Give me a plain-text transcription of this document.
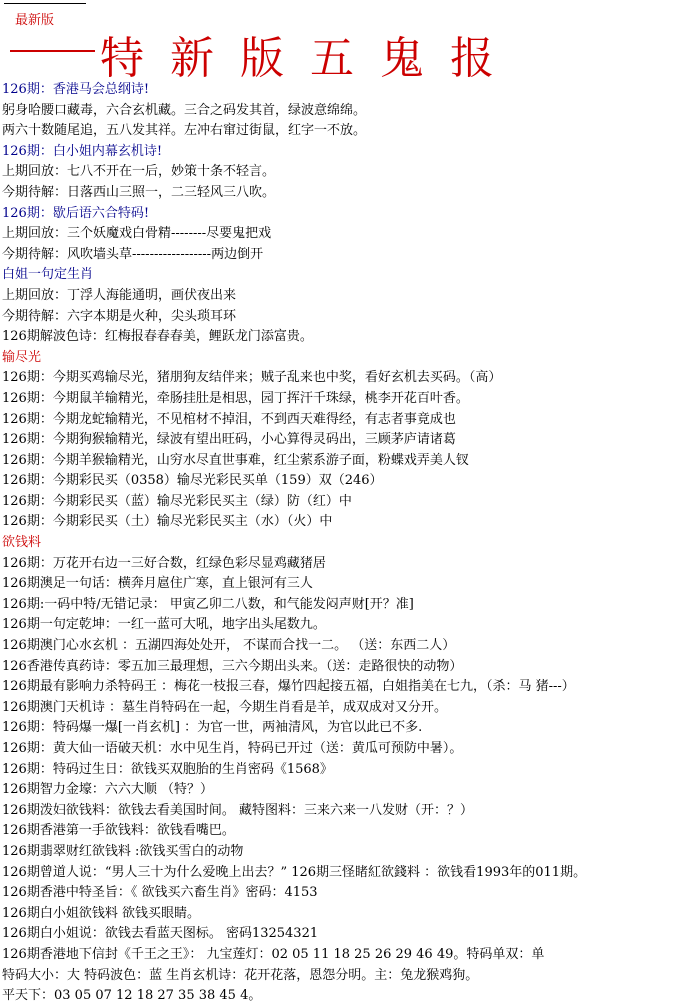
最新版
特新版五鬼报
126期：香港马会总纲诗!
躬身哈腰口藏毒，六合玄机藏。三合之码发其首，绿波意绵绵。
两六十数随尾追，五八发其祥。左冲右窜过街鼠，红字一不放。
126期：白小姐内幕玄机诗!
上期回放：七八不开在一后，妙策十条不轻言。
今期待解：日落西山三照一，二三轻风三八吹。
126期：歇后语六合特码!
上期回放：三个妖魔戏白骨精--------尽要鬼把戏
今期待解：风吹墙头草------------------两边倒开
白姐一句定生肖
上期回放：丁浮人海能通明，画伏夜出来
今期待解：六字本期是火种，尖头琐耳环
126期解波色诗：红梅报春春春美，鲤跃龙门添富贵。
输尽光
126期：今期买鸡输尽光，猪朋狗友结伴来；贼子乱来也中奖，看好玄机去买码。（高）
126期：今期鼠羊输精光，牵肠挂肚是相思，园丁挥汗千珠绿，桃李开花百叶香。
126期：今期龙蛇输精光，不见棺材不掉泪，不到西天难得经，有志者事竟成也
126期：今期狗猴输精光，绿波有望出旺码，小心算得灵码出，三顾茅庐请诸葛
126期：今期羊猴输精光，山穷水尽直世事难，红尘萦系游子面，粉蝶戏弄美人钗
126期：今期彩民买（0358）输尽光彩民买单（159）双（246）
126期：今期彩民买（蓝）输尽光彩民买主（绿）防（红）中
126期：今期彩民买（土）输尽光彩民买主（水）（火）中
欲钱料
126期：万花开右边一三好合数，红绿色彩尽显鸡藏猪居
126期澳足一句话：横奔月扈住广寒，直上银河有三人
126期:一码中特/无错记录： 甲寅乙卯二八数，和气能发闷声财[开？准]
126期一句定乾坤：一红一蓝可大吼，地字出头尾数九。
126期澳门心水玄机 ：五湖四海处处开， 不谋而合找一二。 （送：东西二人）
126香港传真药诗：零五加三最理想，三六今期出头来。（送：走路很快的动物）
126期最有影响力杀特码王 ：梅花一枝报三春，爆竹四起接五福，白姐指美在七九，（杀：马 猪---）
126期澳门天机诗 ：墓生肖特码在一起，今期生肖看是羊，成双成对又分开。
126期：特码爆一爆[一肖玄机] ：为官一世，两袖清风，为官以此已不多.
126期：黄大仙一语破天机：水中见生肖，特码已开过（送：黄瓜可预防中暑）。
126期：特码过生日：欲钱买双胞胎的生肖密码《1568》
126期智力金壕：六六大顺 （特？）
126期泼妇欲钱料：欲钱去看美国时间。 藏特图料：三来六来一八发财（开：？）
126期香港第一手欲钱料：欲钱看嘴巴。
126期翡翠财红欲钱料 :欲钱买雪白的动物
126期曾道人说：“男人三十为什么爱晚上出去？” 126期三怪睹紅欲錢料 ：欲钱看1993年的011期。
126期香港中特圣旨：《 欲钱买六畜生肖》密码：4153
126期白小姐欲钱料 欲钱买眼睛。
126期白小姐说：欲钱去看蓝天图标。 密码13254321
126期香港地下信封《千王之王》： 九宝莲灯：02 05 11 18 25 26 29 46 49。特码单双：单
特码大小：大 特码波色：蓝 生肖玄机诗：花开花落，恩怨分明。主：兔龙猴鸡狗。
平天下：03 05 07 12 18 27 35 38 45 4。
